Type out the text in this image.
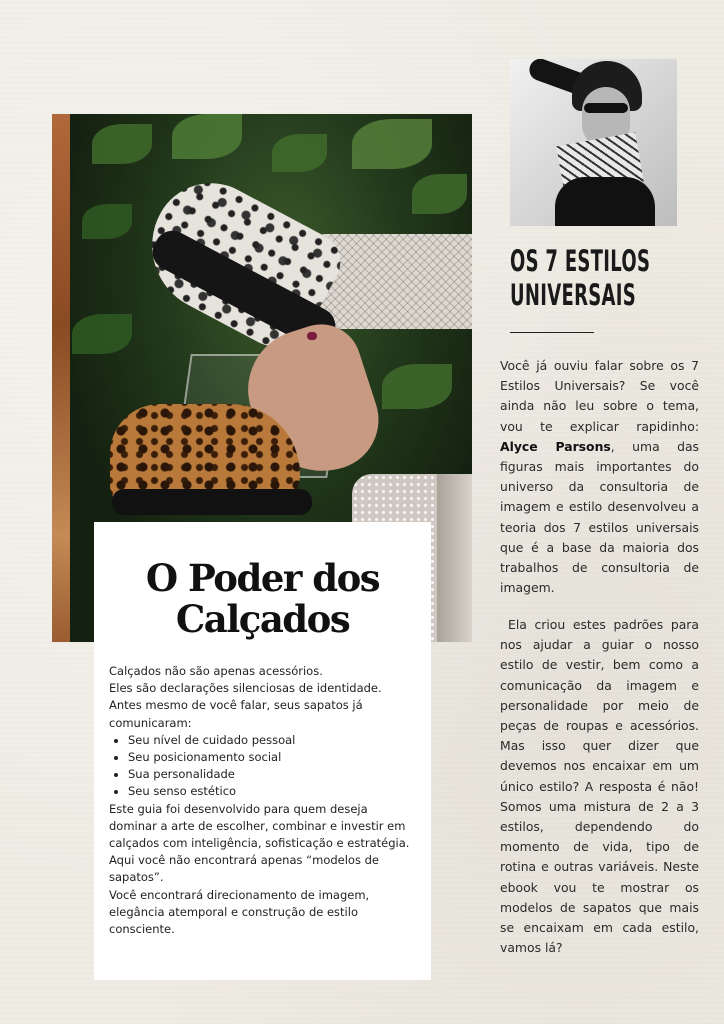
OS 7 ESTILOS
UNIVERSAIS

Você já ouviu falar sobre os 7 Estilos Universais? Se você ainda não leu sobre o tema, vou te explicar rapidinho: Alyce Parsons, uma das figuras mais importantes do universo da consultoria de imagem e estilo desenvolveu a teoria dos 7 estilos universais que é a base da maioria dos trabalhos de consultoria de imagem.

Ela criou estes padrões para nos ajudar a guiar o nosso estilo de vestir, bem como a comunicação da imagem e personalidade por meio de peças de roupas e acessórios. Mas isso quer dizer que devemos nos encaixar em um único estilo? A resposta é não! Somos uma mistura de 2 a 3 estilos, dependendo do momento de vida, tipo de rotina e outras variáveis. Neste ebook vou te mostrar os modelos de sapatos que mais se encaixam em cada estilo, vamos lá?

O Poder dos
Calçados

Calçados não são apenas acessórios.

Eles são declarações silenciosas de identidade.

Antes mesmo de você falar, seus sapatos já comunicaram:

• Seu nível de cuidado pessoal
• Seu posicionamento social
• Sua personalidade
• Seu senso estético

Este guia foi desenvolvido para quem deseja dominar a arte de escolher, combinar e investir em calçados com inteligência, sofisticação e estratégia.

Aqui você não encontrará apenas “modelos de sapatos”.

Você encontrará direcionamento de imagem, elegância atemporal e construção de estilo consciente.
